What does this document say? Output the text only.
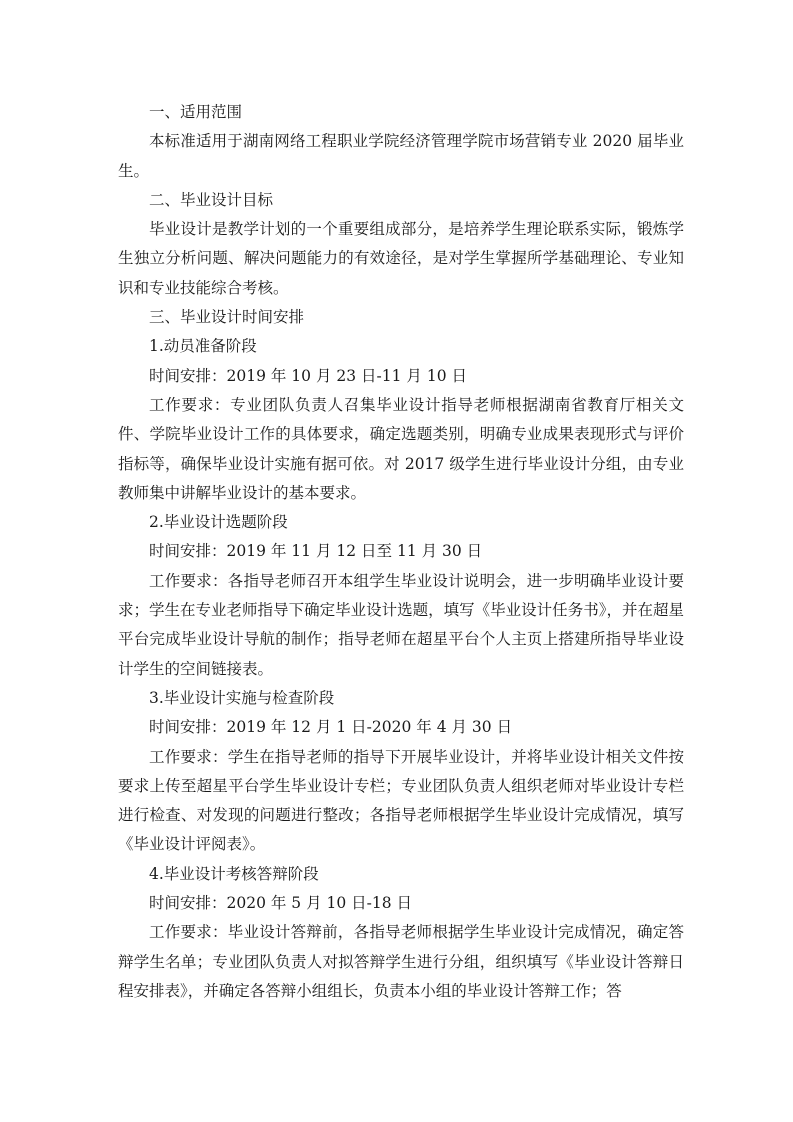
一、适用范围

本标准适用于湖南网络工程职业学院经济管理学院市场营销专业 2020 届毕业生。

二、毕业设计目标

毕业设计是教学计划的一个重要组成部分，是培养学生理论联系实际，锻炼学生独立分析问题、解决问题能力的有效途径，是对学生掌握所学基础理论、专业知识和专业技能综合考核。

三、毕业设计时间安排

1.动员准备阶段

时间安排：2019 年 10 月 23 日-11 月 10 日

工作要求：专业团队负责人召集毕业设计指导老师根据湖南省教育厅相关文件、学院毕业设计工作的具体要求，确定选题类别，明确专业成果表现形式与评价指标等，确保毕业设计实施有据可依。对 2017 级学生进行毕业设计分组，由专业教师集中讲解毕业设计的基本要求。

2.毕业设计选题阶段

时间安排：2019 年 11 月 12 日至 11 月 30 日

工作要求：各指导老师召开本组学生毕业设计说明会，进一步明确毕业设计要求；学生在专业老师指导下确定毕业设计选题，填写《毕业设计任务书》，并在超星平台完成毕业设计导航的制作；指导老师在超星平台个人主页上搭建所指导毕业设计学生的空间链接表。

3.毕业设计实施与检查阶段

时间安排：2019 年 12 月 1 日-2020 年 4 月 30 日

工作要求：学生在指导老师的指导下开展毕业设计，并将毕业设计相关文件按要求上传至超星平台学生毕业设计专栏；专业团队负责人组织老师对毕业设计专栏进行检查、对发现的问题进行整改；各指导老师根据学生毕业设计完成情况，填写《毕业设计评阅表》。

4.毕业设计考核答辩阶段

时间安排：2020 年 5 月 10 日-18 日

工作要求：毕业设计答辩前，各指导老师根据学生毕业设计完成情况，确定答辩学生名单；专业团队负责人对拟答辩学生进行分组，组织填写《毕业设计答辩日程安排表》，并确定各答辩小组组长，负责本小组的毕业设计答辩工作；答
